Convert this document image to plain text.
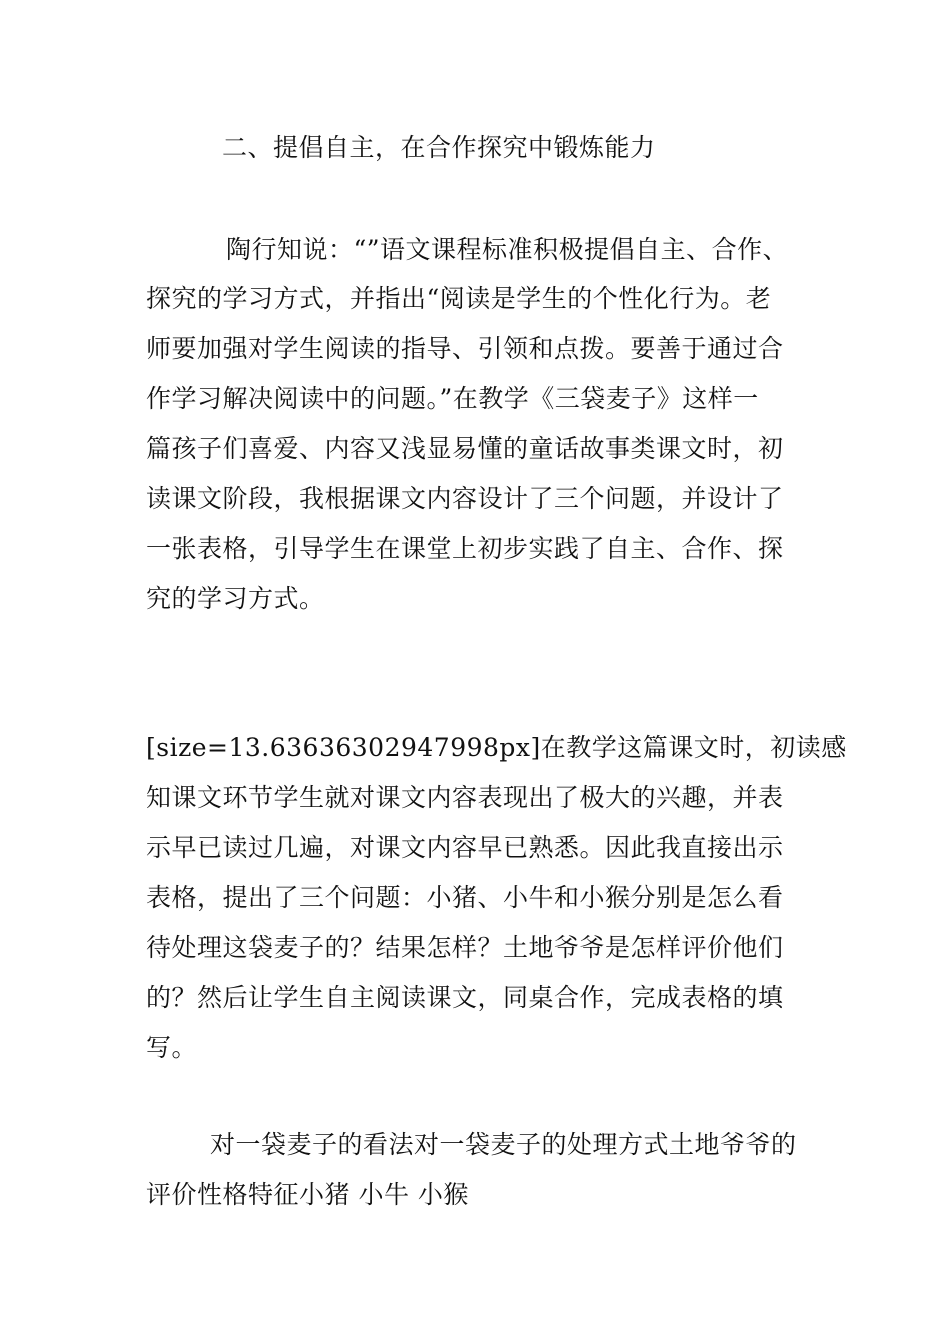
二、提倡自主，在合作探究中锻炼能力
陶行知说：“”语文课程标准积极提倡自主、合作、
探究的学习方式，并指出“阅读是学生的个性化行为。老
师要加强对学生阅读的指导、引领和点拨。要善于通过合
作学习解决阅读中的问题。”在教学《三袋麦子》这样一
篇孩子们喜爱、内容又浅显易懂的童话故事类课文时，初
读课文阶段，我根据课文内容设计了三个问题，并设计了
一张表格，引导学生在课堂上初步实践了自主、合作、探
究的学习方式。
[size=13.63636302947998px]在教学这篇课文时，初读感
知课文环节学生就对课文内容表现出了极大的兴趣，并表
示早已读过几遍，对课文内容早已熟悉。因此我直接出示
表格，提出了三个问题：小猪、小牛和小猴分别是怎么看
待处理这袋麦子的？结果怎样？土地爷爷是怎样评价他们
的？然后让学生自主阅读课文，同桌合作，完成表格的填
写。
对一袋麦子的看法对一袋麦子的处理方式土地爷爷的
评价性格特征小猪 小牛 小猴
